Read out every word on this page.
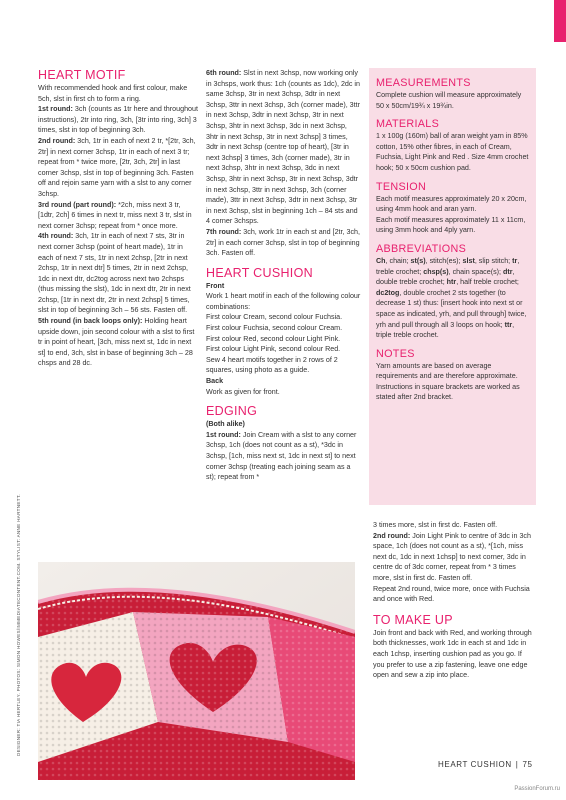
HEART MOTIF

With recommended hook and first colour, make 5ch, slst in first ch to form a ring.

1st round: 3ch (counts as 1tr here and throughout instructions), 2tr into ring, 3ch, [3tr into ring, 3ch] 3 times, slst in top of beginning 3ch.

2nd round: 3ch, 1tr in each of next 2 tr, *[2tr, 3ch, 2tr] in next corner 3chsp, 1tr in each of next 3 tr; repeat from * twice more, [2tr, 3ch, 2tr] in last corner 3chsp, slst in top of beginning 3ch. Fasten off and rejoin same yarn with a slst to any corner 3chsp.

3rd round (part round): *2ch, miss next 3 tr, [1dtr, 2ch] 6 times in next tr, miss next 3 tr, slst in next corner 3chsp; repeat from * once more.

4th round: 3ch, 1tr in each of next 7 sts, 3tr in next corner 3chsp (point of heart made), 1tr in each of next 7 sts, 1tr in next 2chsp, [2tr in next 2chsp, 1tr in next dtr] 5 times, 2tr in next 2chsp, 1dc in next dtr, dc2tog across next two 2chsps (thus missing the slst), 1dc in next dtr, 2tr in next 2chsp, [1tr in next dtr, 2tr in next 2chsp] 5 times, slst in top of beginning 3ch – 56 sts. Fasten off.

5th round (in back loops only): Holding heart upside down, join second colour with a slst to first tr in point of heart, [3ch, miss next st, 1dc in next st] to end, 3ch, slst in base of beginning 3ch – 28 chsps and 28 dc.

6th round: Slst in next 3chsp, now working only in 3chsps, work thus: 1ch (counts as 1dc), 2dc in same 3chsp, 3tr in next 3chsp, 3dtr in next 3chsp, 3ttr in next 3chsp, 3ch (corner made), 3ttr in next 3chsp, 3dtr in next 3chsp, 3tr in next 3chsp, 3htr in next 3chsp, 3dc in next 3chsp, 3htr in next 3chsp, 3tr in next 3chsp] 3 times, 3dtr in next 3chsp (centre top of heart), [3tr in next 3chsp] 3 times, 3ch (corner made), 3tr in next 3chsp, 3htr in next 3chsp, 3dc in next 3chsp, 3htr in next 3chsp, 3tr in next 3chsp, 3dtr in next 3chsp, 3ttr in next 3chsp, 3ch (corner made), 3ttr in next 3chsp, 3dtr in next 3chsp, 3tr in next 3chsp, slst in beginning 1ch – 84 sts and 4 corner 3chsps.

7th round: 3ch, work 1tr in each st and [2tr, 3ch, 2tr] in each corner 3chsp, slst in top of beginning 3ch. Fasten off.

HEART CUSHION

Front

Work 1 heart motif in each of the following colour combinations:

First colour Cream, second colour Fuchsia.

First colour Fuchsia, second colour Cream.

First colour Red, second colour Light Pink.

First colour Light Pink, second colour Red.

Sew 4 heart motifs together in 2 rows of 2 squares, using photo as a guide.

Back

Work as given for front.

EDGING

(Both alike)

1st round: Join Cream with a slst to any corner 3chsp, 1ch (does not count as a st), *3dc in 3chsp, [1ch, miss next st, 1dc in next st] to next corner 3chsp (treating each joining seam as a st); repeat from *

MEASUREMENTS

Complete cushion will measure approximately 50 x 50cm/19¾ x 19¾in.

MATERIALS

1 x 100g (160m) ball of aran weight yarn in 85% cotton, 15% other fibres, in each of Cream, Fuchsia, Light Pink and Red . Size 4mm crochet hook; 50 x 50cm cushion pad.

TENSION

Each motif measures approximately 20 x 20cm, using 4mm hook and aran yarn.

Each motif measures approximately 11 x 11cm, using 3mm hook and 4ply yarn.

ABBREVIATIONS

Ch, chain; st(s), stitch(es); slst, slip stitch; tr, treble crochet; chsp(s), chain space(s); dtr, double treble crochet; htr, half treble crochet; dc2tog, double crochet 2 sts together (to decrease 1 st) thus: [insert hook into next st or space as indicated, yrh, and pull through] twice, yrh and pull through all 3 loops on hook; ttr, triple treble crochet.

NOTES

Yarn amounts are based on average requirements and are therefore approximate. Instructions in square brackets are worked as stated after 2nd bracket.

3 times more, slst in first dc. Fasten off.

2nd round: Join Light Pink to centre of 3dc in 3ch space, 1ch (does not count as a st), *[1ch, miss next dc, 1dc in next 1chsp] to next corner, 3dc in centre dc of 3dc corner, repeat from * 3 times more, slst in first dc. Fasten off.

Repeat 2nd round, twice more, once with Fuchsia and once with Red.

TO MAKE UP

Join front and back with Red, and working through both thicknesses, work 1dc in each st and 1dc in each 1chsp, inserting cushion pad as you go. If you prefer to use a zip fastening, leave one edge open and sew a zip into place.

DESIGNER: TIA HERTLEY. PHOTOS: SIMON HOWES/IMMEDIATECONTENT.COM. STYLIST: ANNE HARTNETT.
HEART CUSHION | 75
PassionForum.ru
